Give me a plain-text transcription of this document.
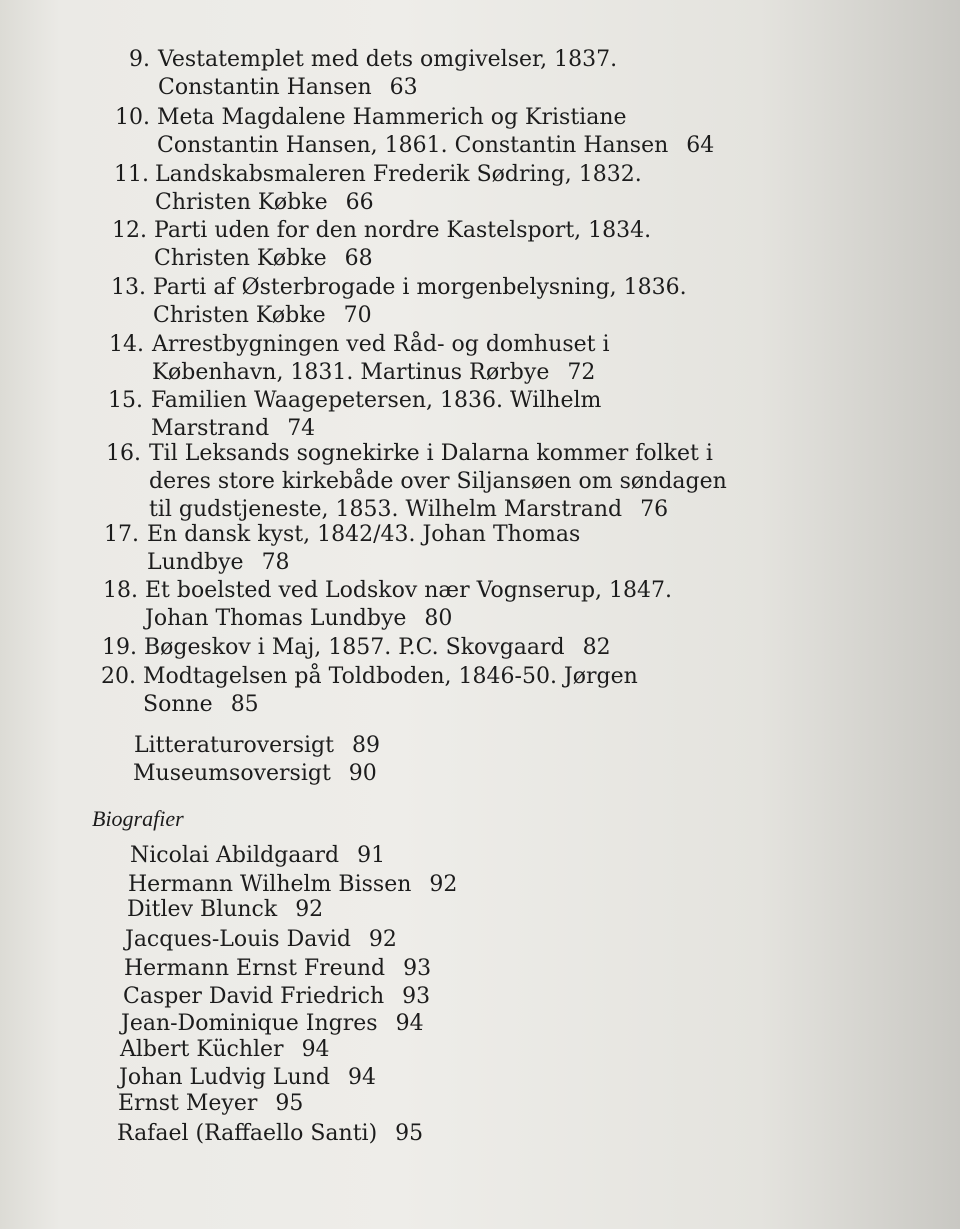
9. Vestatemplet med dets omgivelser, 1837.
Constantin Hansen 63
10. Meta Magdalene Hammerich og Kristiane
Constantin Hansen, 1861. Constantin Hansen 64
11. Landskabsmaleren Frederik Sødring, 1832.
Christen Købke 66
12. Parti uden for den nordre Kastelsport, 1834.
Christen Købke 68
13. Parti af Østerbrogade i morgenbelysning, 1836.
Christen Købke 70
14. Arrestbygningen ved Råd- og domhuset i
København, 1831. Martinus Rørbye 72
15. Familien Waagepetersen, 1836. Wilhelm
Marstrand 74
16. Til Leksands sognekirke i Dalarna kommer folket i
deres store kirkebåde over Siljansøen om søndagen
til gudstjeneste, 1853. Wilhelm Marstrand 76
17. En dansk kyst, 1842/43. Johan Thomas
Lundbye 78
18. Et boelsted ved Lodskov nær Vognserup, 1847.
Johan Thomas Lundbye 80
19. Bøgeskov i Maj, 1857. P.C. Skovgaard 82
20. Modtagelsen på Toldboden, 1846-50. Jørgen
Sonne 85
Litteraturoversigt 89
Museumsoversigt 90
Biografier
Nicolai Abildgaard 91
Hermann Wilhelm Bissen 92
Ditlev Blunck 92
Jacques-Louis David 92
Hermann Ernst Freund 93
Casper David Friedrich 93
Jean-Dominique Ingres 94
Albert Küchler 94
Johan Ludvig Lund 94
Ernst Meyer 95
Rafael (Raffaello Santi) 95
